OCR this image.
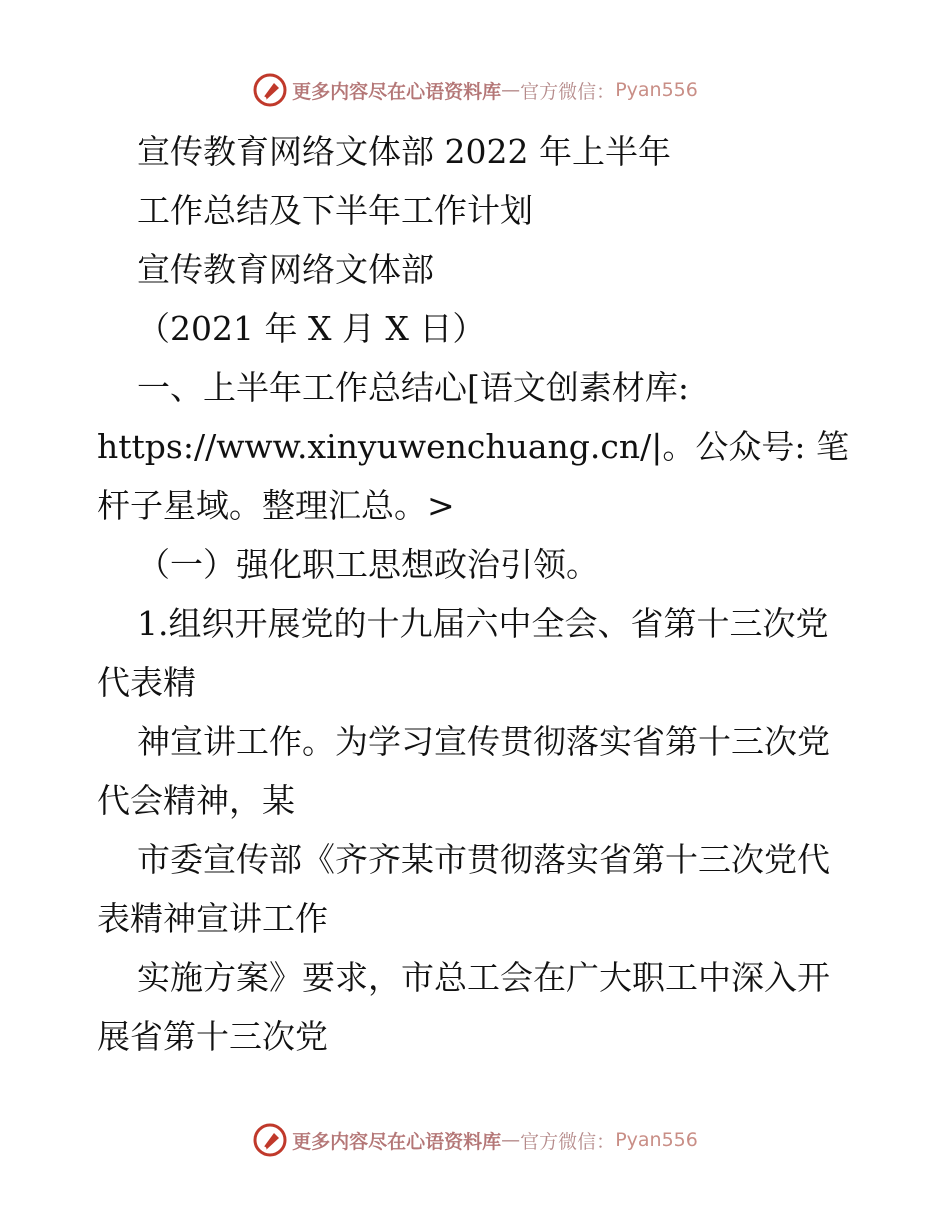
更多内容尽在心语资料库 — 官方微信： Pyan556
宣传教育网络文体部 2022 年上半年
工作总结及下半年工作计划
宣传教育网络文体部
（2021 年 X 月 X 日）
一、上半年工作总结心[语文创素材库:
https://www.xinyuwenchuang.cn/|。公众号: 笔
杆子星域。整理汇总。>
（一）强化职工思想政治引领。
1.组织开展党的十九届六中全会、省第十三次党
代表精
神宣讲工作。为学习宣传贯彻落实省第十三次党
代会精神，某
市委宣传部《齐齐某市贯彻落实省第十三次党代
表精神宣讲工作
实施方案》要求，市总工会在广大职工中深入开
展省第十三次党
更多内容尽在心语资料库 — 官方微信： Pyan556
